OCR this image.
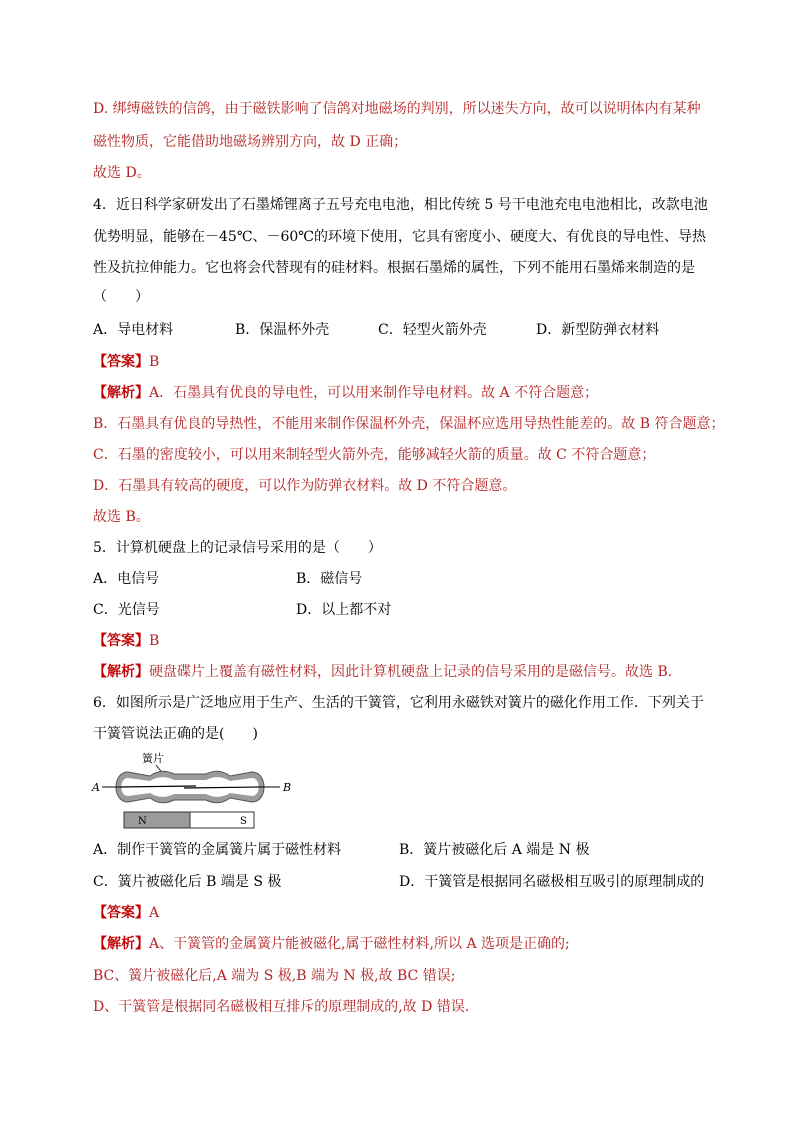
D. 绑缚磁铁的信鸽，由于磁铁影响了信鸽对地磁场的判别，所以迷失方向，故可以说明体内有某种
磁性物质，它能借助地磁场辨别方向，故 D 正确；
故选 D。
4．近日科学家研发出了石墨烯锂离子五号充电电池，相比传统 5 号干电池充电电池相比，改款电池
优势明显，能够在－45℃、－60℃的环境下使用，它具有密度小、硬度大、有优良的导电性、导热
性及抗拉伸能力。它也将会代替现有的硅材料。根据石墨烯的属性，下列不能用石墨烯来制造的是
（　　）
A．导电材料	B．保温杯外壳	C．轻型火箭外壳	D．新型防弹衣材料
【答案】B
【解析】A．石墨具有优良的导电性，可以用来制作导电材料。故 A 不符合题意；
B．石墨具有优良的导热性，不能用来制作保温杯外壳，保温杯应选用导热性能差的。故 B 符合题意；
C．石墨的密度较小，可以用来制轻型火箭外壳，能够减轻火箭的质量。故 C 不符合题意；
D．石墨具有较高的硬度，可以作为防弹衣材料。故 D 不符合题意。
故选 B。
5．计算机硬盘上的记录信号采用的是（　　）
A．电信号	B．磁信号
C．光信号	D．以上都不对
【答案】B
【解析】硬盘碟片上覆盖有磁性材料，因此计算机硬盘上记录的信号采用的是磁信号。故选 B.
6．如图所示是广泛地应用于生产、生活的干簧管，它利用永磁铁对簧片的磁化作用工作．下列关于
干簧管说法正确的是(　　)
簧片
A	B
N	S
A．制作干簧管的金属簧片属于磁性材料	B．簧片被磁化后 A 端是 N 极
C．簧片被磁化后 B 端是 S 极	D．干簧管是根据同名磁极相互吸引的原理制成的
【答案】A
【解析】A、干簧管的金属簧片能被磁化,属于磁性材料,所以 A 选项是正确的;
BC、簧片被磁化后,A 端为 S 极,B 端为 N 极,故 BC 错误;
D、干簧管是根据同名磁极相互排斥的原理制成的,故 D 错误.
